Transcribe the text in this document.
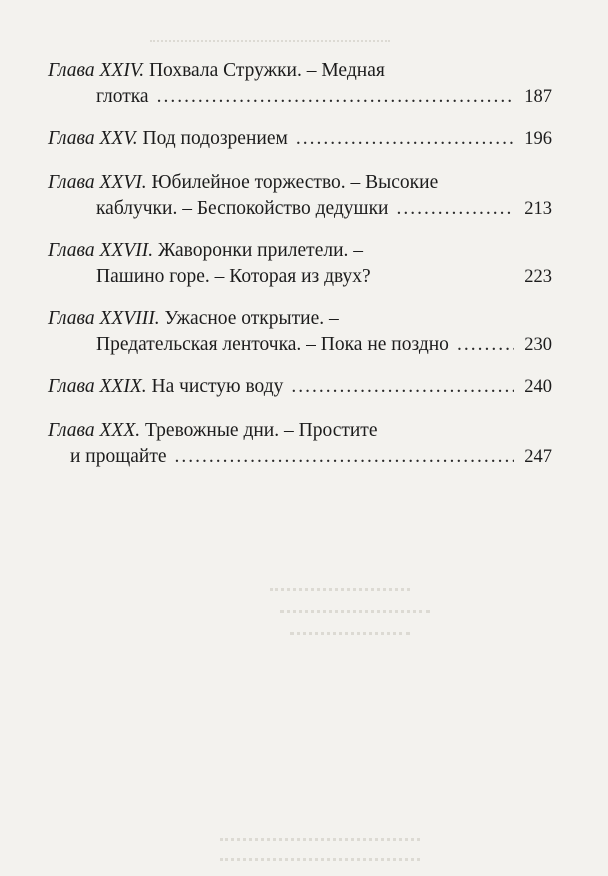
Глава XXIV. Похвала Стружки. – Медная
глотка .....	187
Глава XXV. Под подозрением .....	196
Глава XXVI. Юбилейное торжество. – Высокие
каблучки. – Беспокойство дедушки .....	213
Глава XXVII. Жаворонки прилетели. –
Пашино горе. – Которая из двух?	223
Глава XXVIII. Ужасное открытие. –
Предательская ленточка. – Пока не поздно .....	230
Глава XXIX. На чистую воду .....	240
Глава XXX. Тревожные дни. – Простите
и прощайте .....	247
